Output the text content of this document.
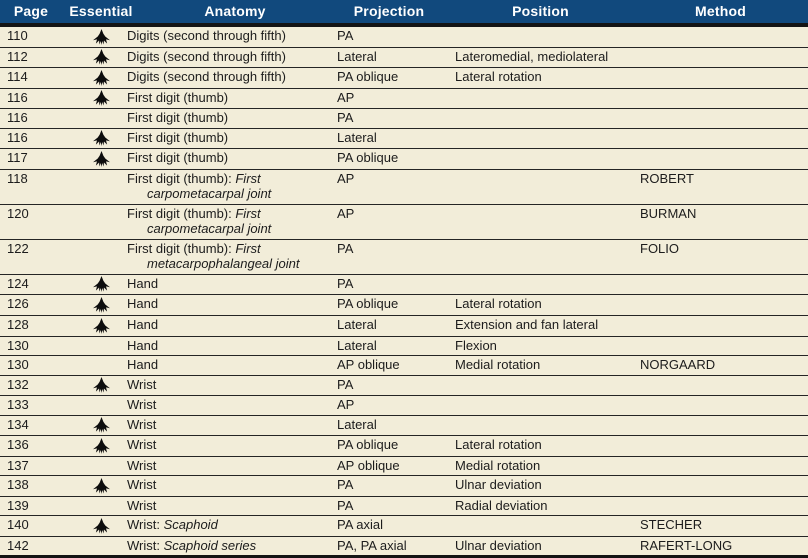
Page	Essential	Anatomy	Projection	Position	Method
110		Digits (second through fifth)	PA		
112		Digits (second through fifth)	Lateral	Lateromedial, mediolateral	
114		Digits (second through fifth)	PA oblique	Lateral rotation	
116		First digit (thumb)	AP		
116		First digit (thumb)	PA		
116		First digit (thumb)	Lateral		
117		First digit (thumb)	PA oblique		
118		First digit (thumb): First carpometacarpal joint	AP		ROBERT
120		First digit (thumb): First carpometacarpal joint	AP		BURMAN
122		First digit (thumb): First metacarpophalangeal joint	PA		FOLIO
124		Hand	PA		
126		Hand	PA oblique	Lateral rotation	
128		Hand	Lateral	Extension and fan lateral	
130		Hand	Lateral	Flexion	
130		Hand	AP oblique	Medial rotation	NORGAARD
132		Wrist	PA		
133		Wrist	AP		
134		Wrist	Lateral		
136		Wrist	PA oblique	Lateral rotation	
137		Wrist	AP oblique	Medial rotation	
138		Wrist	PA	Ulnar deviation	
139		Wrist	PA	Radial deviation	
140		Wrist: Scaphoid	PA axial		STECHER
142		Wrist: Scaphoid series	PA, PA axial	Ulnar deviation	RAFERT-LONG
